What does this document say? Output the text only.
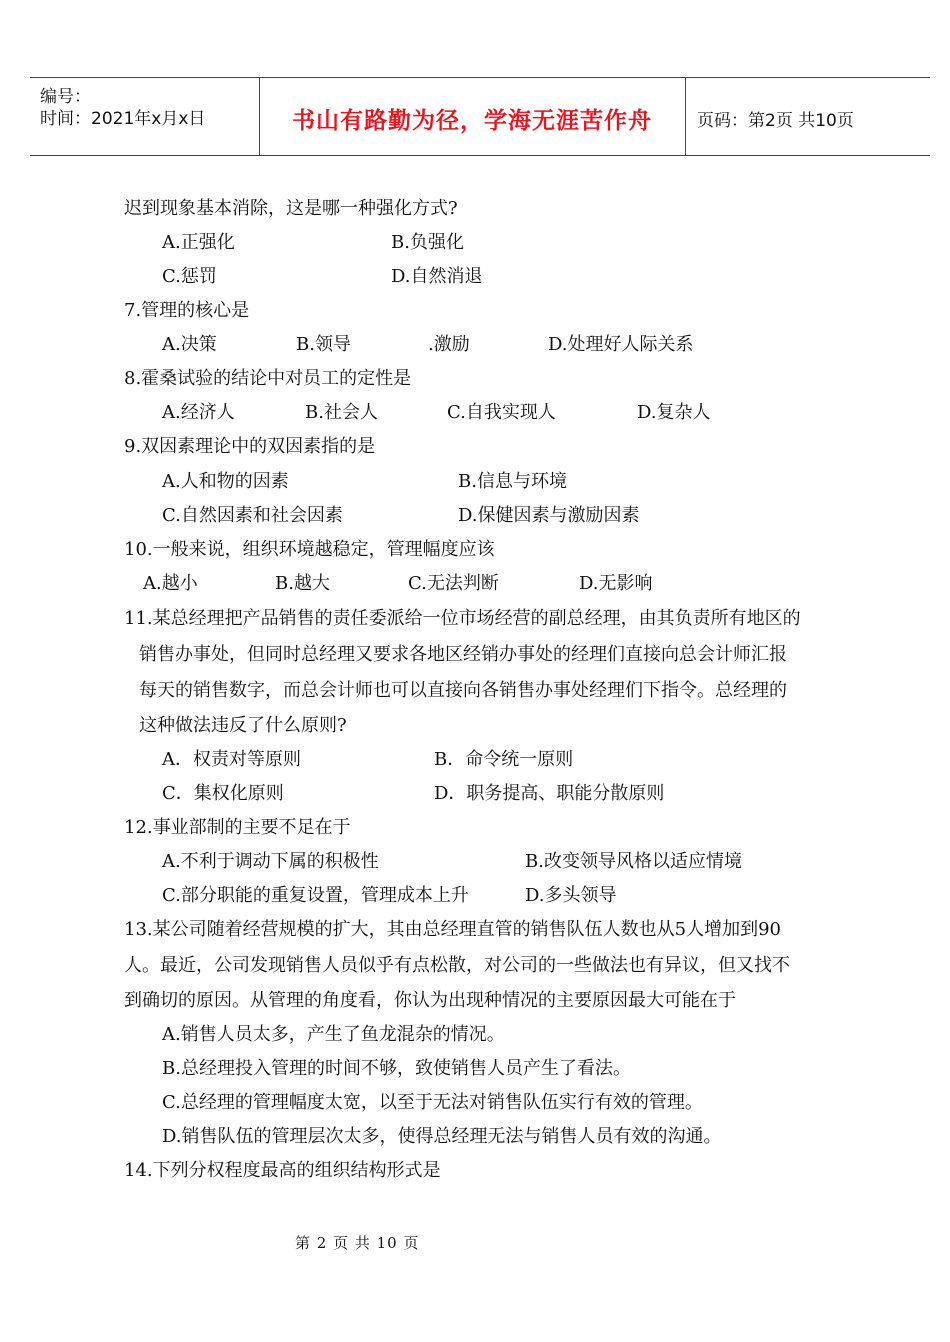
编号：
时间：2021年x月x日	书山有路勤为径，学海无涯苦作舟	页码：第2页 共10页
迟到现象基本消除，这是哪一种强化方式?
A.正强化	B.负强化
C.惩罚	D.自然消退
7.管理的核心是
A.决策	B.领导	.激励	D.处理好人际关系
8.霍桑试验的结论中对员工的定性是
A.经济人	B.社会人	C.自我实现人	D.复杂人
9.双因素理论中的双因素指的是
A.人和物的因素	B.信息与环境
C.自然因素和社会因素	D.保健因素与激励因素
10.一般来说，组织环境越稳定，管理幅度应该
A.越小	B.越大	C.无法判断	D.无影响
11.某总经理把产品销售的责任委派给一位市场经营的副总经理，由其负责所有地区的
销售办事处，但同时总经理又要求各地区经销办事处的经理们直接向总会计师汇报
每天的销售数字，而总会计师也可以直接向各销售办事处经理们下指令。总经理的
这种做法违反了什么原则?
A．权责对等原则	B．命令统一原则
C．集权化原则	D．职务提高、职能分散原则
12.事业部制的主要不足在于
A.不利于调动下属的积极性	B.改变领导风格以适应情境
C.部分职能的重复设置，管理成本上升	D.多头领导
13.某公司随着经营规模的扩大，其由总经理直管的销售队伍人数也从5人增加到90
人。最近，公司发现销售人员似乎有点松散，对公司的一些做法也有异议，但又找不
到确切的原因。从管理的角度看，你认为出现种情况的主要原因最大可能在于
A.销售人员太多，产生了鱼龙混杂的情况。
B.总经理投入管理的时间不够，致使销售人员产生了看法。
C.总经理的管理幅度太宽，以至于无法对销售队伍实行有效的管理。
D.销售队伍的管理层次太多，使得总经理无法与销售人员有效的沟通。
14.下列分权程度最高的组织结构形式是
第 2 页 共 10 页
